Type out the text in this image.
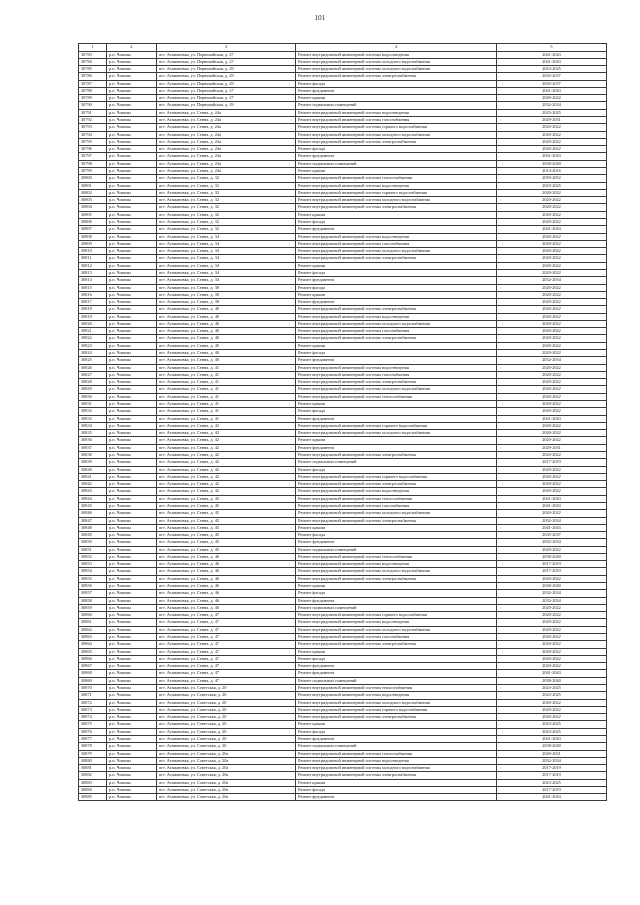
101
1	2	3	4	5
30783	р.п. Чишмы	пгт. Атамановка, ул. Первомайская, д. 27	Ремонт внутридомовой инженерной системы водоотведения	2041-2043
30784	р.п. Чишмы	пгт. Атамановка, ул. Первомайская, д. 27	Ремонт внутридомовой инженерной системы холодного водоснабжения	2041-2043
30785	р.п. Чишмы	пгт. Атамановка, ул. Первомайская, д. 29	Ремонт внутридомовой инженерной системы холодного водоснабжения	2023-2025
30786	р.п. Чишмы	пгт. Атамановка, ул. Первомайская, д. 29	Ремонт внутридомовой инженерной системы электроснабжения	2035-2037
30787	р.п. Чишмы	пгт. Атамановка, ул. Первомайская, д. 29	Ремонт фасада	2035-2037
30788	р.п. Чишмы	пгт. Атамановка, ул. Первомайская, д. 27	Ремонт фундамента	2041-2043
30789	р.п. Чишмы	пгт. Атамановка, ул. Первомайская, д. 27	Ремонт крыши	2020-2022
30790	р.п. Чишмы	пгт. Атамановка, ул. Первомайская, д. 29	Ремонт подвальных помещений	2032-2034
30791	р.п. Чишмы	пгт. Атамановка, ул. Сенна, д. 24а	Ремонт внутридомовой инженерной системы водоотведения	2023-2025
30792	р.п. Чишмы	пгт. Атамановка, ул. Сенна, д. 24а	Ремонт внутридомовой инженерной системы газоснабжения	2029-2031
30793	р.п. Чишмы	пгт. Атамановка, ул. Сенна, д. 24а	Ремонт внутридомовой инженерной системы горячего водоснабжения	2020-2022
30794	р.п. Чишмы	пгт. Атамановка, ул. Сенна, д. 24а	Ремонт внутридомовой инженерной системы холодного водоснабжения	2020-2022
30795	р.п. Чишмы	пгт. Атамановка, ул. Сенна, д. 24а	Ремонт внутридомовой инженерной системы электроснабжения	2020-2022
30796	р.п. Чишмы	пгт. Атамановка, ул. Сенна, д. 24а	Ремонт фасада	2020-2022
30797	р.п. Чишмы	пгт. Атамановка, ул. Сенна, д. 24а	Ремонт фундамента	2041-2043
30798	р.п. Чишмы	пгт. Атамановка, ул. Сенна, д. 24а	Ремонт подвальных помещений	2038-2040
30799	р.п. Чишмы	пгт. Атамановка, ул. Сенна, д. 24а	Ремонт крыши	2014-2016
30800	р.п. Чишмы	пгт. Атамановка, ул. Сенна, д. 32	Ремонт внутридомовой инженерной системы теплоснабжения	2050-2052
30801	р.п. Чишмы	пгт. Атамановка, ул. Сенна, д. 32	Ремонт внутридомовой инженерной системы водоотведения	2023-2025
30802	р.п. Чишмы	пгт. Атамановка, ул. Сенна, д. 32	Ремонт внутридомовой инженерной системы горячего водоснабжения	2020-2022
30803	р.п. Чишмы	пгт. Атамановка, ул. Сенна, д. 32	Ремонт внутридомовой инженерной системы холодного водоснабжения	2020-2022
30804	р.п. Чишмы	пгт. Атамановка, ул. Сенна, д. 32	Ремонт внутридомовой инженерной системы электроснабжения	2020-2022
30805	р.п. Чишмы	пгт. Атамановка, ул. Сенна, д. 32	Ремонт крыши	2020-2022
30806	р.п. Чишмы	пгт. Атамановка, ул. Сенна, д. 32	Ремонт фасада	2020-2022
30807	р.п. Чишмы	пгт. Атамановка, ул. Сенна, д. 32	Ремонт фундамента	2041-2043
30808	р.п. Чишмы	пгт. Атамановка, ул. Сенна, д. 34	Ремонт внутридомовой инженерной системы водоотведения	2020-2022
30809	р.п. Чишмы	пгт. Атамановка, ул. Сенна, д. 34	Ремонт внутридомовой инженерной системы газоснабжения	2020-2022
30810	р.п. Чишмы	пгт. Атамановка, ул. Сенна, д. 34	Ремонт внутридомовой инженерной системы холодного водоснабжения	2020-2022
30811	р.п. Чишмы	пгт. Атамановка, ул. Сенна, д. 34	Ремонт внутридомовой инженерной системы электроснабжения	2020-2022
30812	р.п. Чишмы	пгт. Атамановка, ул. Сенна, д. 34	Ремонт крыши	2020-2022
30813	р.п. Чишмы	пгт. Атамановка, ул. Сенна, д. 34	Ремонт фасада	2020-2022
30814	р.п. Чишмы	пгт. Атамановка, ул. Сенна, д. 34	Ремонт фундамента	2032-2034
30815	р.п. Чишмы	пгт. Атамановка, ул. Сенна, д. 38	Ремонт фасада	2020-2022
30816	р.п. Чишмы	пгт. Атамановка, ул. Сенна, д. 38	Ремонт крыши	2020-2022
30817	р.п. Чишмы	пгт. Атамановка, ул. Сенна, д. 38	Ремонт фундамента	2020-2022
30818	р.п. Чишмы	пгт. Атамановка, ул. Сенна, д. 40	Ремонт внутридомовой инженерной системы электроснабжения	2020-2022
30819	р.п. Чишмы	пгт. Атамановка, ул. Сенна, д. 40	Ремонт внутридомовой инженерной системы водоотведения	2020-2022
30820	р.п. Чишмы	пгт. Атамановка, ул. Сенна, д. 40	Ремонт внутридомовой инженерной системы холодного водоснабжения	2020-2022
30821	р.п. Чишмы	пгт. Атамановка, ул. Сенна, д. 40	Ремонт внутридомовой инженерной системы газоснабжения	2020-2022
30822	р.п. Чишмы	пгт. Атамановка, ул. Сенна, д. 40	Ремонт внутридомовой инженерной системы электроснабжения	2020-2022
30823	р.п. Чишмы	пгт. Атамановка, ул. Сенна, д. 40	Ремонт крыши	2020-2022
30824	р.п. Чишмы	пгт. Атамановка, ул. Сенна, д. 40	Ремонт фасада	2020-2022
30825	р.п. Чишмы	пгт. Атамановка, ул. Сенна, д. 40	Ремонт фундамента	2032-2034
30826	р.п. Чишмы	пгт. Атамановка, ул. Сенна, д. 41	Ремонт внутридомовой инженерной системы водоотведения	2020-2022
30827	р.п. Чишмы	пгт. Атамановка, ул. Сенна, д. 41	Ремонт внутридомовой инженерной системы газоснабжения	2020-2022
30828	р.п. Чишмы	пгт. Атамановка, ул. Сенна, д. 41	Ремонт внутридомовой инженерной системы электроснабжения	2020-2022
30829	р.п. Чишмы	пгт. Атамановка, ул. Сенна, д. 41	Ремонт внутридомовой инженерной системы холодного водоснабжения	2020-2022
30830	р.п. Чишмы	пгт. Атамановка, ул. Сенна, д. 41	Ремонт внутридомовой инженерной системы теплоснабжения	2020-2022
30831	р.п. Чишмы	пгт. Атамановка, ул. Сенна, д. 41	Ремонт крыши	2020-2022
30832	р.п. Чишмы	пгт. Атамановка, ул. Сенна, д. 41	Ремонт фасада	2020-2022
30833	р.п. Чишмы	пгт. Атамановка, ул. Сенна, д. 41	Ремонт фундамента	2041-2043
30834	р.п. Чишмы	пгт. Атамановка, ул. Сенна, д. 42	Ремонт внутридомовой инженерной системы горячего водоснабжения	2020-2022
30835	р.п. Чишмы	пгт. Атамановка, ул. Сенна, д. 42	Ремонт внутридомовой инженерной системы холодного водоснабжения	2020-2022
30836	р.п. Чишмы	пгт. Атамановка, ул. Сенна, д. 42	Ремонт крыши	2020-2022
30837	р.п. Чишмы	пгт. Атамановка, ул. Сенна, д. 42	Ремонт фундамента	2029-2031
30838	р.п. Чишмы	пгт. Атамановка, ул. Сенна, д. 42	Ремонт внутридомовой инженерной системы электроснабжения	2020-2022
30839	р.п. Чишмы	пгт. Атамановка, ул. Сенна, д. 42	Ремонт подвальных помещений	2017-2019
30840	р.п. Чишмы	пгт. Атамановка, ул. Сенна, д. 42	Ремонт фасада	2020-2022
30841	р.п. Чишмы	пгт. Атамановка, ул. Сенна, д. 42	Ремонт внутридомовой инженерной системы горячего водоснабжения	2020-2022
30842	р.п. Чишмы	пгт. Атамановка, ул. Сенна, д. 42	Ремонт внутридомовой инженерной системы электроснабжения	2020-2022
30843	р.п. Чишмы	пгт. Атамановка, ул. Сенна, д. 42	Ремонт внутридомовой инженерной системы водоотведения	2020-2022
30844	р.п. Чишмы	пгт. Атамановка, ул. Сенна, д. 45	Ремонт внутридомовой инженерной системы теплоснабжения	2041-2043
30845	р.п. Чишмы	пгт. Атамановка, ул. Сенна, д. 45	Ремонт внутридомовой инженерной системы газоснабжения	2041-2043
30846	р.п. Чишмы	пгт. Атамановка, ул. Сенна, д. 45	Ремонт внутридомовой инженерной системы холодного водоснабжения	2020-2022
30847	р.п. Чишмы	пгт. Атамановка, ул. Сенна, д. 45	Ремонт внутридомовой инженерной системы электроснабжения	2032-2034
30848	р.п. Чишмы	пгт. Атамановка, ул. Сенна, д. 45	Ремонт крыши	2041-2043
30849	р.п. Чишмы	пгт. Атамановка, ул. Сенна, д. 45	Ремонт фасада	2035-2037
30850	р.п. Чишмы	пгт. Атамановка, ул. Сенна, д. 45	Ремонт фундамента	2032-2034
30851	р.п. Чишмы	пгт. Атамановка, ул. Сенна, д. 45	Ремонт подвальных помещений	2020-2022
30852	р.п. Чишмы	пгт. Атамановка, ул. Сенна, д. 46	Ремонт внутридомовой инженерной системы теплоснабжения	2038-2040
30853	р.п. Чишмы	пгт. Атамановка, ул. Сенна, д. 46	Ремонт внутридомовой инженерной системы водоотведения	2017-2019
30854	р.п. Чишмы	пгт. Атамановка, ул. Сенна, д. 46	Ремонт внутридомовой инженерной системы холодного водоснабжения	2017-2019
30855	р.п. Чишмы	пгт. Атамановка, ул. Сенна, д. 46	Ремонт внутридомовой инженерной системы электроснабжения	2020-2022
30856	р.п. Чишмы	пгт. Атамановка, ул. Сенна, д. 46	Ремонт крыши	2038-2040
30857	р.п. Чишмы	пгт. Атамановка, ул. Сенна, д. 46	Ремонт фасада	2032-2034
30858	р.п. Чишмы	пгт. Атамановка, ул. Сенна, д. 46	Ремонт фундамента	2032-2034
30859	р.п. Чишмы	пгт. Атамановка, ул. Сенна, д. 46	Ремонт подвальных помещений	2020-2022
30860	р.п. Чишмы	пгт. Атамановка, ул. Сенна, д. 47	Ремонт внутридомовой инженерной системы горячего водоснабжения	2020-2022
30861	р.п. Чишмы	пгт. Атамановка, ул. Сенна, д. 47	Ремонт внутридомовой инженерной системы водоотведения	2020-2022
30862	р.п. Чишмы	пгт. Атамановка, ул. Сенна, д. 47	Ремонт внутридомовой инженерной системы холодного водоснабжения	2020-2022
30863	р.п. Чишмы	пгт. Атамановка, ул. Сенна, д. 47	Ремонт внутридомовой инженерной системы газоснабжения	2020-2022
30864	р.п. Чишмы	пгт. Атамановка, ул. Сенна, д. 47	Ремонт внутридомовой инженерной системы электроснабжения	2020-2022
30865	р.п. Чишмы	пгт. Атамановка, ул. Сенна, д. 47	Ремонт крыши	2020-2022
30866	р.п. Чишмы	пгт. Атамановка, ул. Сенна, д. 47	Ремонт фасада	2020-2022
30867	р.п. Чишмы	пгт. Атамановка, ул. Сенна, д. 47	Ремонт фундамента	2020-2022
30868	р.п. Чишмы	пгт. Атамановка, ул. Сенна, д. 47	Ремонт фундамента	2041-2043
30869	р.п. Чишмы	пгт. Атамановка, ул. Сенна, д. 47	Ремонт подвальных помещений	2038-2040
30870	р.п. Чишмы	пгт. Атамановка, ул. Советская, д. 20	Ремонт внутридомовой инженерной системы теплоснабжения	2023-2025
30871	р.п. Чишмы	пгт. Атамановка, ул. Советская, д. 20	Ремонт внутридомовой инженерной системы водоотведения	2023-2025
30872	р.п. Чишмы	пгт. Атамановка, ул. Советская, д. 20	Ремонт внутридомовой инженерной системы холодного водоснабжения	2020-2022
30873	р.п. Чишмы	пгт. Атамановка, ул. Советская, д. 20	Ремонт внутридомовой инженерной системы горячего водоснабжения	2020-2022
30874	р.п. Чишмы	пгт. Атамановка, ул. Советская, д. 20	Ремонт внутридомовой инженерной системы электроснабжения	2020-2022
30875	р.п. Чишмы	пгт. Атамановка, ул. Советская, д. 20	Ремонт крыши	2023-2025
30876	р.п. Чишмы	пгт. Атамановка, ул. Советская, д. 20	Ремонт фасада	2023-2025
30877	р.п. Чишмы	пгт. Атамановка, ул. Советская, д. 20	Ремонт фундамента	2041-2043
30878	р.п. Чишмы	пгт. Атамановка, ул. Советская, д. 20	Ремонт подвальных помещений	2038-2040
30879	р.п. Чишмы	пгт. Атамановка, ул. Советская, д. 20а	Ремонт внутридомовой инженерной системы теплоснабжения	2029-2031
30880	р.п. Чишмы	пгт. Атамановка, ул. Советская, д. 20а	Ремонт внутридомовой инженерной системы водоотведения	2032-2034
30881	р.п. Чишмы	пгт. Атамановка, ул. Советская, д. 20а	Ремонт внутридомовой инженерной системы холодного водоснабжения	2017-2019
30882	р.п. Чишмы	пгт. Атамановка, ул. Советская, д. 20а	Ремонт внутридомовой инженерной системы электроснабжения	2017-2019
30883	р.п. Чишмы	пгт. Атамановка, ул. Советская, д. 20а	Ремонт крыши	2023-2025
30884	р.п. Чишмы	пгт. Атамановка, ул. Советская, д. 20а	Ремонт фасада	2017-2019
30885	р.п. Чишмы	пгт. Атамановка, ул. Советская, д. 20а	Ремонт фундамента	2041-2043
